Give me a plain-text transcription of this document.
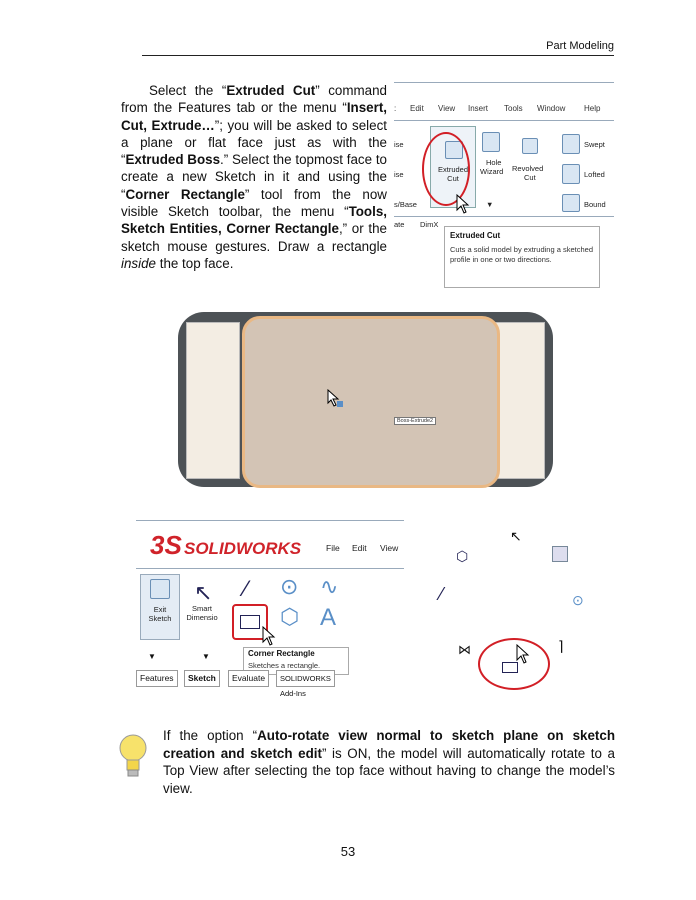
Part Modeling
Select the “Extruded Cut” command from the Features tab or the menu “Insert, Cut, Extrude…”; you will be asked to select a plane or flat face just as with the “Extruded Boss.” Select the topmost face to create a new Sketch in it and using the “Corner Rectangle” tool from the now visible Sketch toolbar, the menu “Tools, Sketch Entities, Corner Rectangle,” or the sketch mouse gestures. Draw a rectangle inside the top face.
: Edit View Insert Tools Window Help
ise
ise
s/Base
Extruded
Cut
Hole
Wizard Revolved
Cut
Swept
Lofted
Bound
▼
ate DimX
Extruded Cut
Cuts a solid model by extruding a sketched profile in one or two directions.
Boss-Extrude2
3S SOLIDWORKS	File Edit View
Exit
Sketch
Smart
Dimensio
↖ ⁄ ⊙ ∿
⬡ A
▼	▼	Corner Rectangle
Sketches a rectangle.
Features	Sketch	Evaluate	SOLIDWORKS Add-Ins
↖
⬡
⁄	⊙
⋈	⌉
If the option “Auto-rotate view normal to sketch plane on sketch creation and sketch edit” is ON, the model will automatically rotate to a Top View after selecting the top face without having to change the model’s view.
53
